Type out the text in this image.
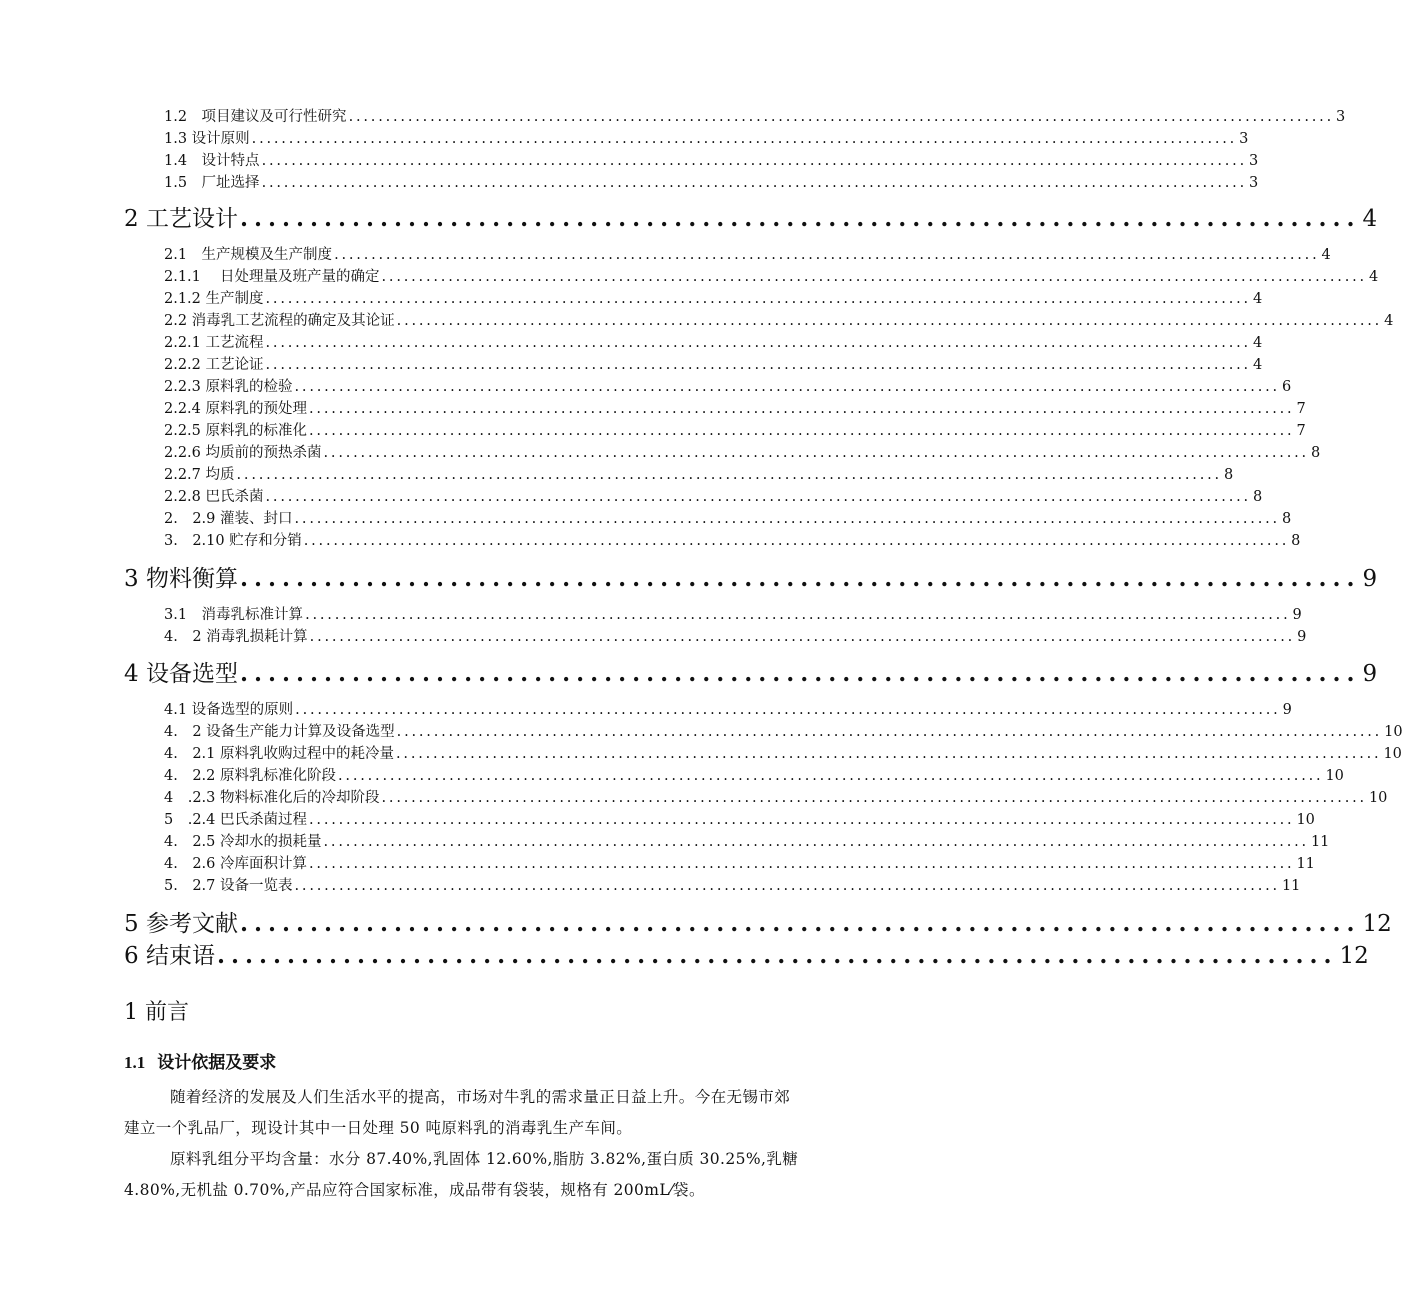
1.2　项目建议及可行性研究 ..................................................................................................................................... 3
1.3 设计原则 ..................................................................................................................................... 3
1.4　设计特点 ..................................................................................................................................... 3
1.5　厂址选择 ..................................................................................................................................... 3
2 工艺设计 ................................................................................ 4
2.1　生产规模及生产制度 ..................................................................................................................................... 4
2.1.1　 日处理量及班产量的确定 ..................................................................................................................................... 4
2.1.2 生产制度 ..................................................................................................................................... 4
2.2 消毒乳工艺流程的确定及其论证 ..................................................................................................................................... 4
2.2.1 工艺流程 ..................................................................................................................................... 4
2.2.2 工艺论证 ..................................................................................................................................... 4
2.2.3 原料乳的检验 ..................................................................................................................................... 6
2.2.4 原料乳的预处理 ..................................................................................................................................... 7
2.2.5 原料乳的标准化 ..................................................................................................................................... 7
2.2.6 均质前的预热杀菌 ..................................................................................................................................... 8
2.2.7 均质 ..................................................................................................................................... 8
2.2.8 巴氏杀菌 ..................................................................................................................................... 8
2.　2.9 灌装、封口 ..................................................................................................................................... 8
3.　2.10 贮存和分销 ..................................................................................................................................... 8
3 物料衡算 ................................................................................ 9
3.1　消毒乳标准计算 ..................................................................................................................................... 9
4.　2 消毒乳损耗计算 ..................................................................................................................................... 9
4 设备选型 ................................................................................ 9
4.1 设备选型的原则 ..................................................................................................................................... 9
4.　2 设备生产能力计算及设备选型 ..................................................................................................................................... 10
4.　2.1 原料乳收购过程中的耗冷量 ..................................................................................................................................... 10
4.　2.2 原料乳标准化阶段 ..................................................................................................................................... 10
4　.2.3 物料标准化后的冷却阶段 ..................................................................................................................................... 10
5　.2.4 巴氏杀菌过程 ..................................................................................................................................... 10
4.　2.5 冷却水的损耗量 ..................................................................................................................................... 11
4.　2.6 冷库面积计算 ..................................................................................................................................... 11
5.　2.7 设备一览表 ..................................................................................................................................... 11
5 参考文献 ................................................................................ 12
6 结束语 ................................................................................ 12
1 前言
1.1 设计依据及要求

随着经济的发展及人们生活水平的提高，市场对牛乳的需求量正日益上升。今在无锡市郊建立一个乳品厂，现设计其中一日处理 50 吨原料乳的消毒乳生产车间。

原料乳组分平均含量：水分 87.40%,乳固体 12.60%,脂肪 3.82%,蛋白质 30.25%,乳糖 4.80%,无机盐 0.70%,产品应符合国家标准，成品带有袋装，规格有 200mL⁄袋。
